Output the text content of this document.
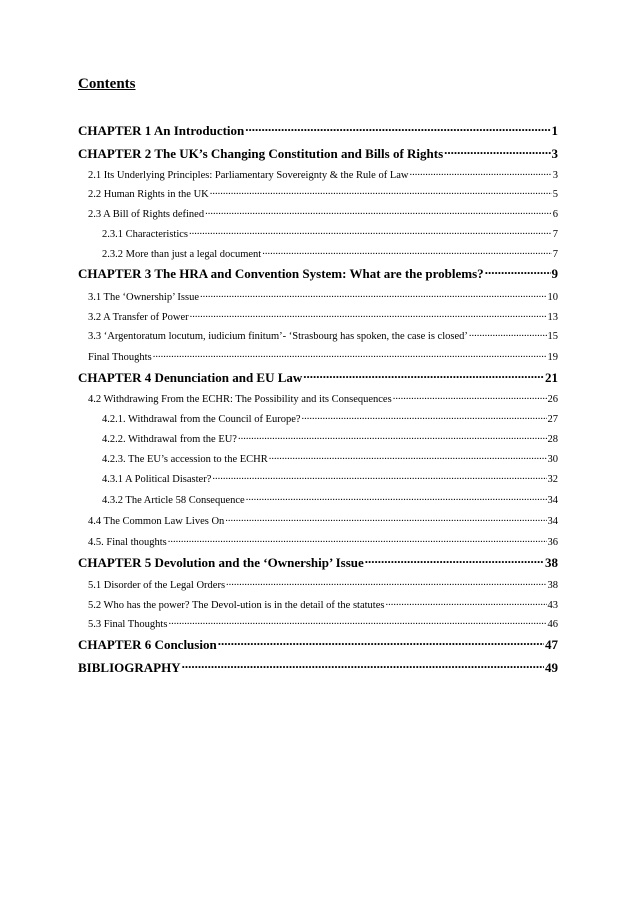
Contents
CHAPTER 1 An Introduction .....	1
CHAPTER 2 The UK’s Changing Constitution and Bills of Rights .....	3
2.1 Its Underlying Principles: Parliamentary Sovereignty & the Rule of Law .....	3
2.2 Human Rights in the UK .....	5
2.3 A Bill of Rights defined .....	6
2.3.1 Characteristics .....	7
2.3.2 More than just a legal document .....	7
CHAPTER 3 The HRA and Convention System: What are the problems? .....	9
3.1 The ‘Ownership’ Issue .....	10
3.2 A Transfer of Power .....	13
3.3 ‘Argentoratum locutum, iudicium finitum’- ‘Strasbourg has spoken, the case is closed’ .....	15
Final Thoughts .....	19
CHAPTER 4 Denunciation and EU Law .....	21
4.2 Withdrawing From the ECHR: The Possibility and its Consequences .....	26
4.2.1. Withdrawal from the Council of Europe? .....	27
4.2.2. Withdrawal from the EU? .....	28
4.2.3. The EU’s accession to the ECHR .....	30
4.3.1 A Political Disaster? .....	32
4.3.2 The Article 58 Consequence .....	34
4.4 The Common Law Lives On .....	34
4.5. Final thoughts .....	36
CHAPTER 5 Devolution and the ‘Ownership’ Issue .....	38
5.1 Disorder of the Legal Orders .....	38
5.2 Who has the power? The Devol-ution is in the detail of the statutes .....	43
5.3 Final Thoughts .....	46
CHAPTER 6 Conclusion .....	47
BIBLIOGRAPHY .....	49
